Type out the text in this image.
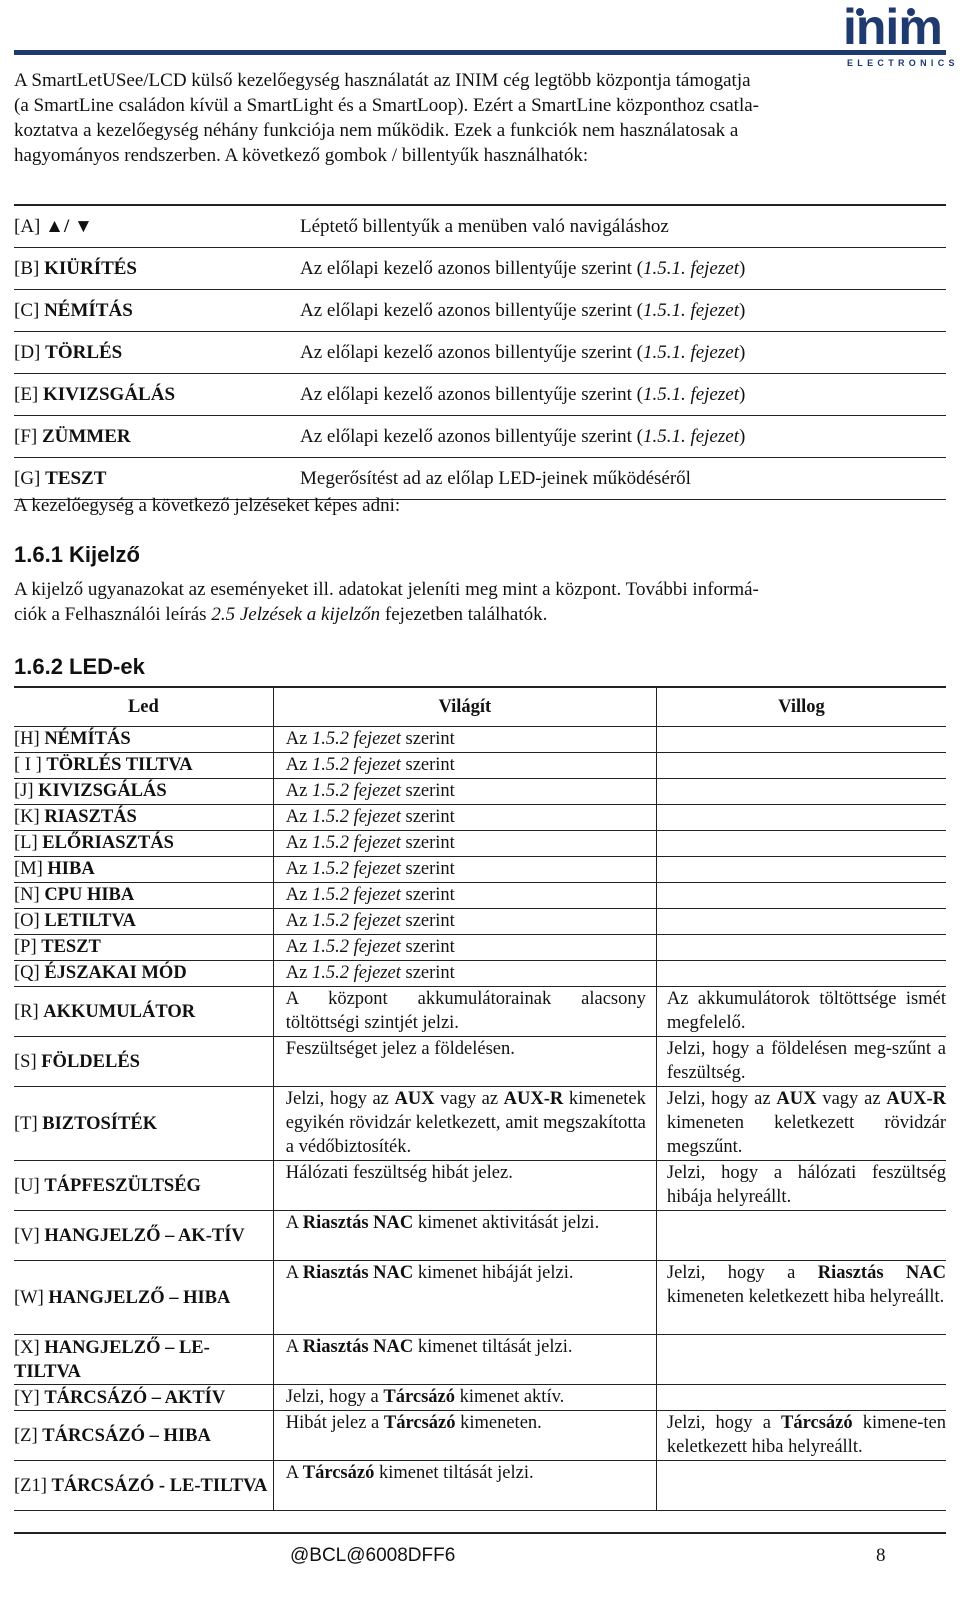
inim
ELECTRONICS
A SmartLetUSee/LCD külső kezelőegység használatát az INIM cég legtöbb központja támogatja
(a SmartLine családon kívül a SmartLight és a SmartLoop). Ezért a SmartLine központhoz csatla-
koztatva a kezelőegység néhány funkciója nem működik. Ezek a funkciók nem használatosak a
hagyományos rendszerben. A következő gombok / billentyűk használhatók:
[A] ▲/ ▼	Léptető billentyűk a menüben való navigáláshoz
[B] KIÜRÍTÉS	Az előlapi kezelő azonos billentyűje szerint (1.5.1. fejezet)
[C] NÉMÍTÁS	Az előlapi kezelő azonos billentyűje szerint (1.5.1. fejezet)
[D] TÖRLÉS	Az előlapi kezelő azonos billentyűje szerint (1.5.1. fejezet)
[E] KIVIZSGÁLÁS	Az előlapi kezelő azonos billentyűje szerint (1.5.1. fejezet)
[F] ZÜMMER	Az előlapi kezelő azonos billentyűje szerint (1.5.1. fejezet)
[G] TESZT	Megerősítést ad az előlap LED-jeinek működéséről
A kezelőegység a következő jelzéseket képes adni:
1.6.1 Kijelző
A kijelző ugyanazokat az eseményeket ill. adatokat jeleníti meg mint a központ. További informá-
ciók a Felhasználói leírás 2.5 Jelzések a kijelzőn fejezetben találhatók.
1.6.2 LED-ek
Led	Világít	Villog
[H] NÉMÍTÁS	Az 1.5.2 fejezet szerint	
[ I ] TÖRLÉS TILTVA	Az 1.5.2 fejezet szerint	
[J] KIVIZSGÁLÁS	Az 1.5.2 fejezet szerint	
[K] RIASZTÁS	Az 1.5.2 fejezet szerint	
[L] ELŐRIASZTÁS	Az 1.5.2 fejezet szerint	
[M] HIBA	Az 1.5.2 fejezet szerint	
[N] CPU HIBA	Az 1.5.2 fejezet szerint	
[O] LETILTVA	Az 1.5.2 fejezet szerint	
[P] TESZT	Az 1.5.2 fejezet szerint	
[Q] ÉJSZAKAI MÓD	Az 1.5.2 fejezet szerint	
[R] AKKUMULÁTOR	A központ akkumulátorainak alacsony töltöttségi szintjét jelzi.	Az akkumulátorok töltöttsége ismét megfelelő.
[S] FÖLDELÉS	Feszültséget jelez a földelésen.	Jelzi, hogy a földelésen meg-szűnt a feszültség.
[T] BIZTOSÍTÉK	Jelzi, hogy az AUX vagy az AUX-R kimenetek egyikén rövidzár keletkezett, amit megszakította a védőbiztosíték.	Jelzi, hogy az AUX vagy az AUX-R kimeneten keletkezett rövidzár megszűnt.
[U] TÁPFESZÜLTSÉG	Hálózati feszültség hibát jelez.	Jelzi, hogy a hálózati feszültség hibája helyreállt.
[V] HANGJELZŐ – AK-TÍV	A Riasztás NAC kimenet aktivitását jelzi.	
[W] HANGJELZŐ – HIBA	A Riasztás NAC kimenet hibáját jelzi.	Jelzi, hogy a Riasztás NAC kimeneten keletkezett hiba helyreállt.
[X] HANGJELZŐ – LE-TILTVA	A Riasztás NAC kimenet tiltását jelzi.	
[Y] TÁRCSÁZÓ – AKTÍV	Jelzi, hogy a Tárcsázó kimenet aktív.	
[Z] TÁRCSÁZÓ – HIBA	Hibát jelez a Tárcsázó kimeneten.	Jelzi, hogy a Tárcsázó kimene-ten keletkezett hiba helyreállt.
[Z1] TÁRCSÁZÓ - LE-TILTVA	A Tárcsázó kimenet tiltását jelzi.	
@BCL@6008DFF6	8
